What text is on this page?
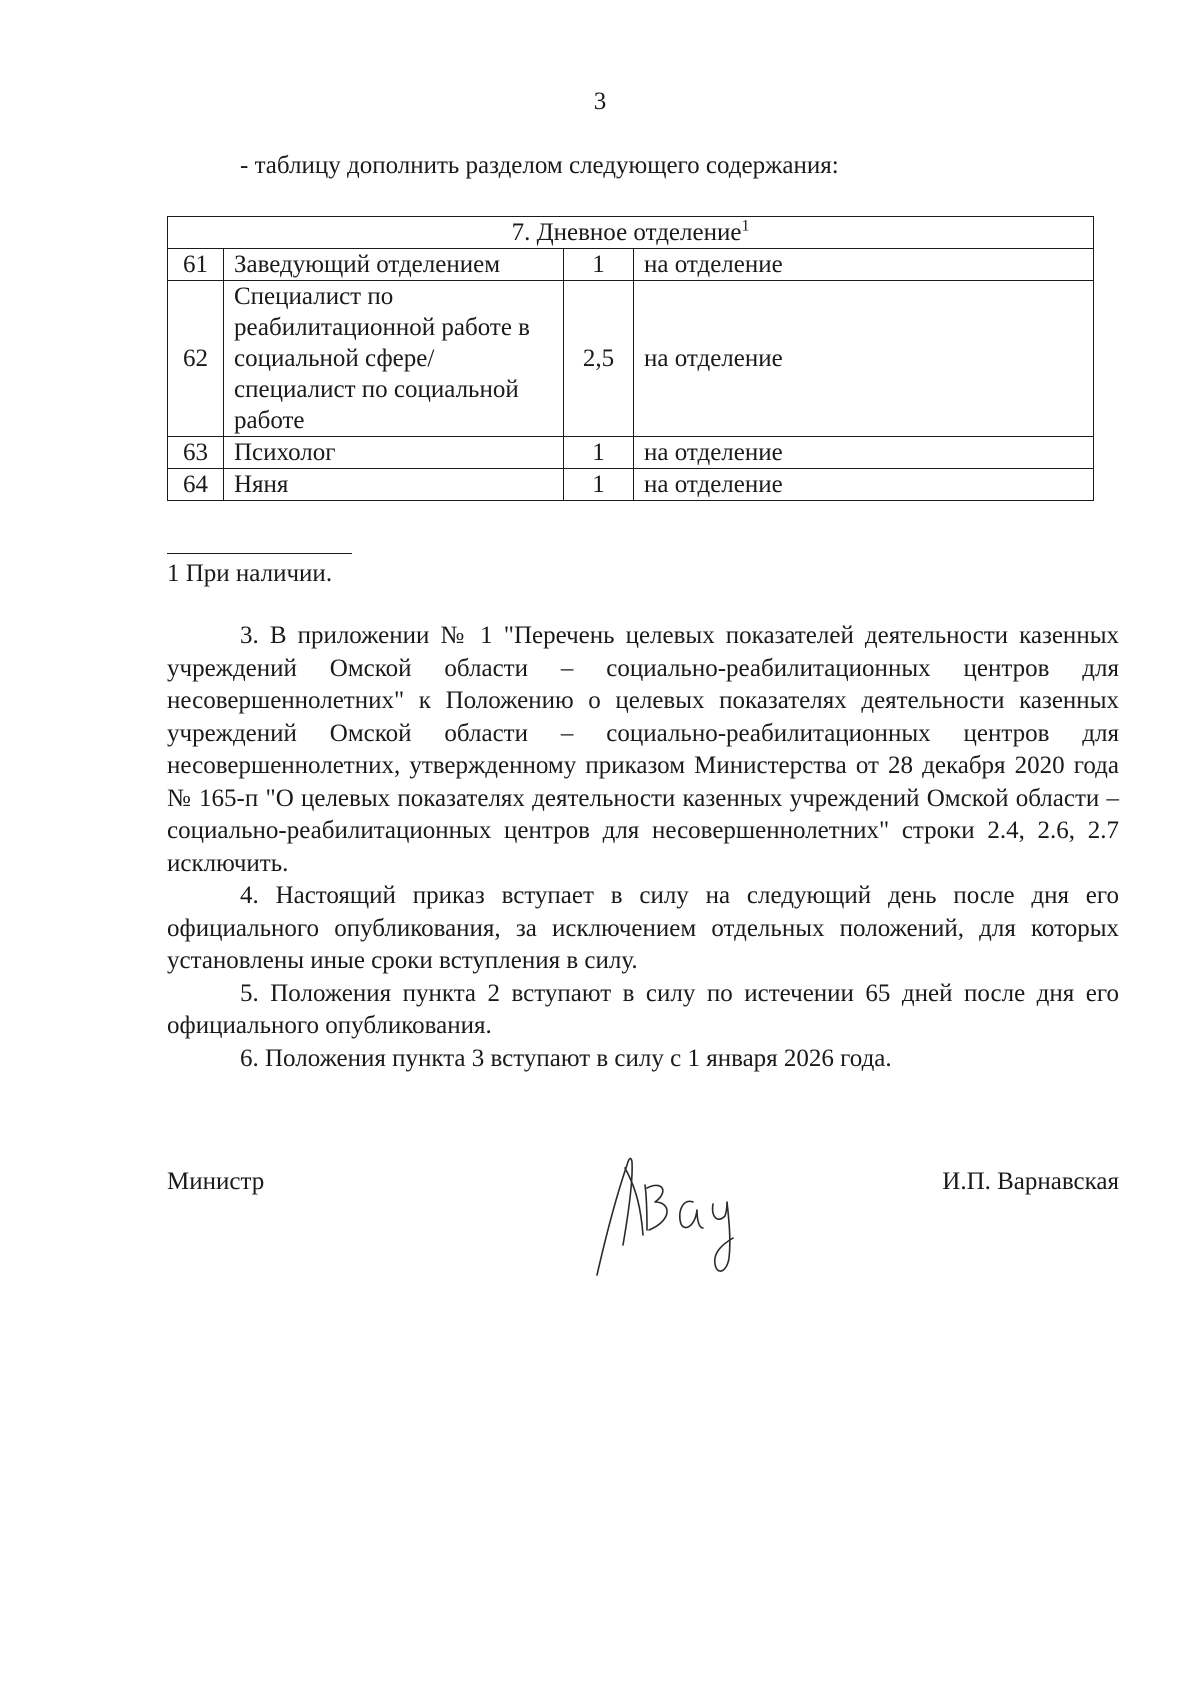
3
- таблицу дополнить разделом следующего содержания:
7. Дневное отделение$^1$
61	Заведующий отделением	1	на отделение
62	Специалист по реабилитационной работе в социальной сфере/специалист по социальной работе	2,5	на отделение
63	Психолог	1	на отделение
64	Няня	1	на отделение
1 При наличии.

3. В приложении № 1 "Перечень целевых показателей деятельности казенных учреждений Омской области – социально-реабилитационных центров для несовершеннолетних" к Положению о целевых показателях деятельности казенных учреждений Омской области – социально-реабилитационных центров для несовершеннолетних, утвержденному приказом Министерства от 28 декабря 2020 года № 165-п "О целевых показателях деятельности казенных учреждений Омской области – социально-реабилитационных центров для несовершеннолетних" строки 2.4, 2.6, 2.7 исключить.

4. Настоящий приказ вступает в силу на следующий день после дня его официального опубликования, за исключением отдельных положений, для которых установлены иные сроки вступления в силу.

5. Положения пункта 2 вступают в силу по истечении 65 дней после дня его официального опубликования.

6. Положения пункта 3 вступают в силу с 1 января 2026 года.

Министр	И.П. Варнавская
